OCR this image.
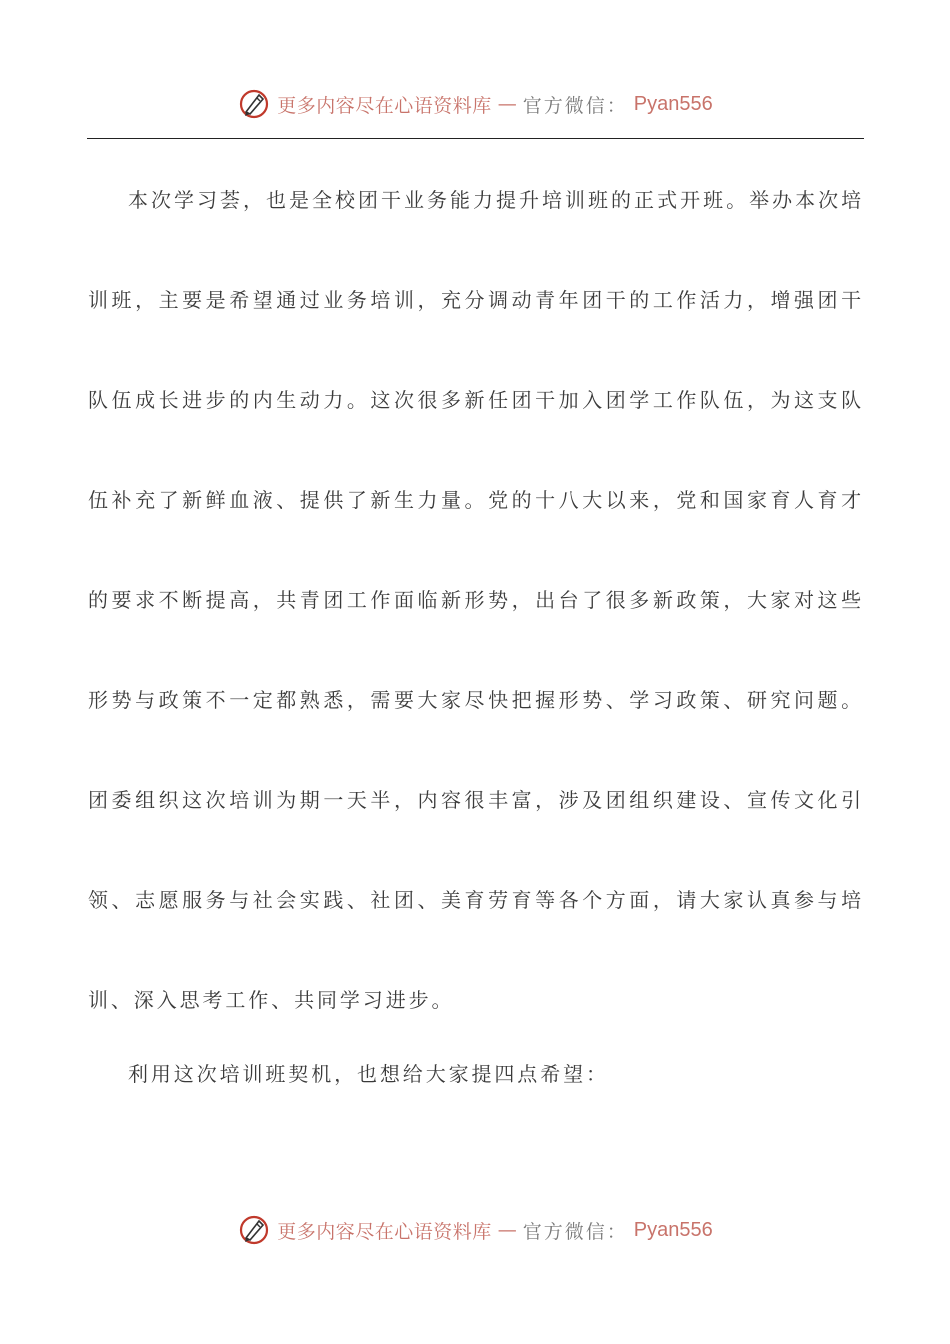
更多内容尽在心语资料库 — 官方微信： Pyan556

本次学习荟，也是全校团干业务能力提升培训班的正式开班。举办本次培训班，主要是希望通过业务培训，充分调动青年团干的工作活力，增强团干队伍成长进步的内生动力。这次很多新任团干加入团学工作队伍，为这支队伍补充了新鲜血液、提供了新生力量。党的十八大以来，党和国家育人育才的要求不断提高，共青团工作面临新形势，出台了很多新政策，大家对这些形势与政策不一定都熟悉，需要大家尽快把握形势、学习政策、研究问题。团委组织这次培训为期一天半，内容很丰富，涉及团组织建设、宣传文化引领、志愿服务与社会实践、社团、美育劳育等各个方面，请大家认真参与培训、深入思考工作、共同学习进步。

利用这次培训班契机，也想给大家提四点希望：

更多内容尽在心语资料库 — 官方微信： Pyan556
